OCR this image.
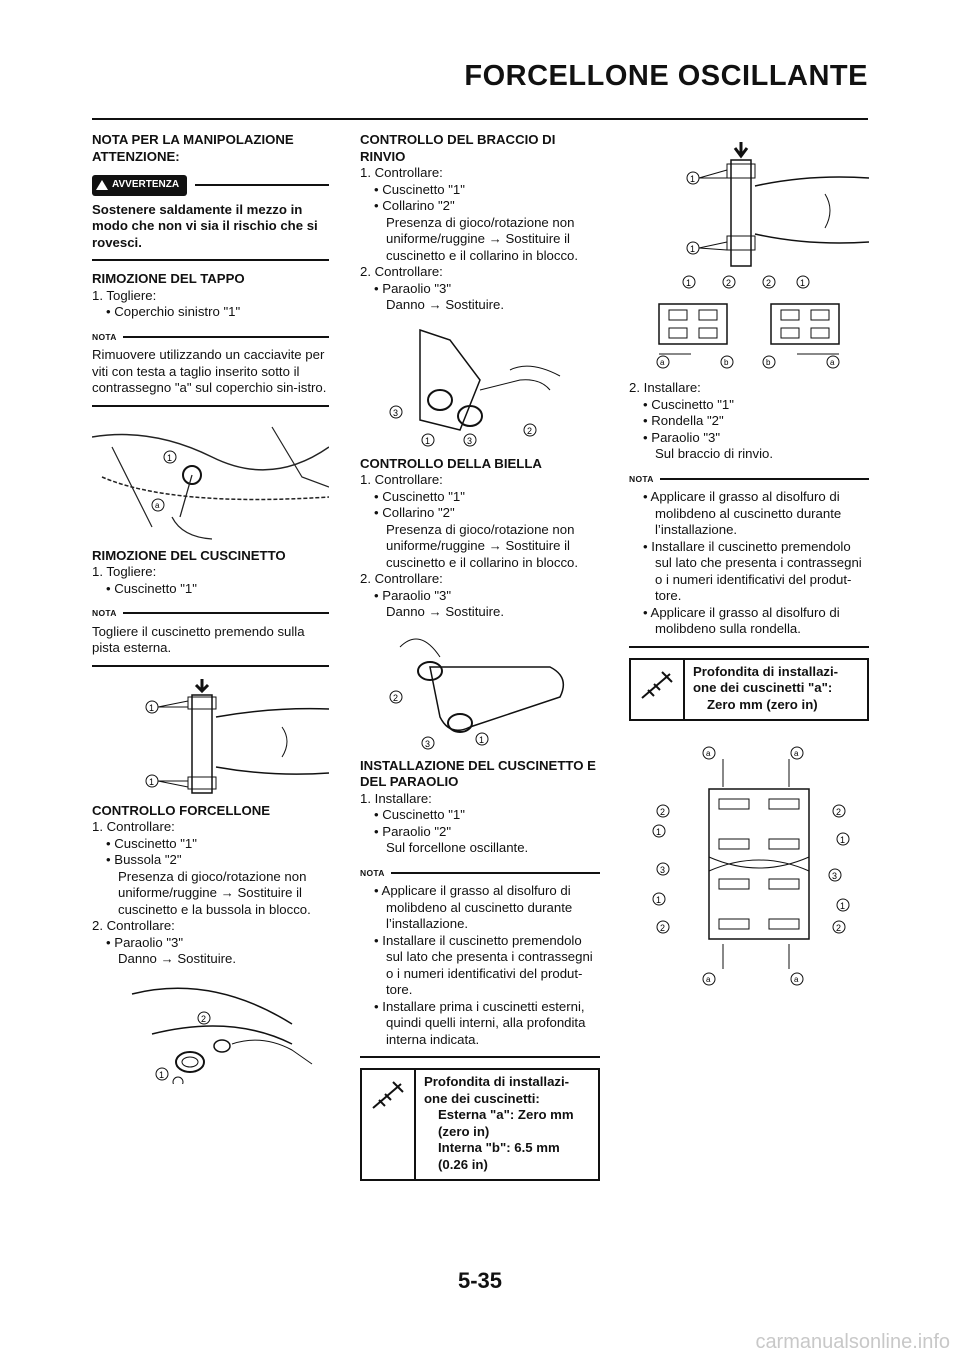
FORCELLONE OSCILLANTE
NOTA PER LA MANIPOLAZIONE
ATTENZIONE:
AVVERTENZA
Sostenere saldamente il mezzo in modo che non vi sia il rischio che si rovesci.
RIMOZIONE DEL TAPPO
1. Togliere:
• Coperchio sinistro "1"
NOTA
Rimuovere utilizzando un cacciavite per viti con testa a taglio inserito sotto il contrassegno "a" sul coperchio sin-istro.
1
a
RIMOZIONE DEL CUSCINETTO
1. Togliere:
• Cuscinetto "1"
NOTA
Togliere il cuscinetto premendo sulla pista esterna.
1
1
CONTROLLO FORCELLONE
1. Controllare:
• Cuscinetto "1"
• Bussola "2"
Presenza di gioco/rotazione non uniforme/ruggine → Sostituire il cuscinetto e la bussola in blocco.
2. Controllare:
• Paraolio "3"
Danno → Sostituire.
2
1
CONTROLLO DEL BRACCIO DI RINVIO
1. Controllare:
• Cuscinetto "1"
• Collarino "2"
Presenza di gioco/rotazione non uniforme/ruggine → Sostituire il cuscinetto e il collarino in blocco.
2. Controllare:
• Paraolio "3"
Danno → Sostituire.
3
1	3
2
CONTROLLO DELLA BIELLA
1. Controllare:
• Cuscinetto "1"
• Collarino "2"
Presenza di gioco/rotazione non uniforme/ruggine → Sostituire il cuscinetto e il collarino in blocco.
2. Controllare:
• Paraolio "3"
Danno → Sostituire.
2
3	1
INSTALLAZIONE DEL CUSCINETTO E DEL PARAOLIO
1. Installare:
• Cuscinetto "1"
• Paraolio "2"
Sul forcellone oscillante.
NOTA
• Applicare il grasso al disolfuro di molibdeno al cuscinetto durante l’installazione.
• Installare il cuscinetto premendolo sul lato che presenta i contrassegni o i numeri identificativi del produt-tore.
• Installare prima i cuscinetti esterni, quindi quelli interni, alla profondita interna indicata.
Profondita di installazi-
one dei cuscinetti:
Esterna "a": Zero mm
(zero in)
Interna "b": 6.5 mm
(0.26 in)
1
1
1	2	2	1
a	b	b	a
2. Installare:
• Cuscinetto "1"
• Rondella "2"
• Paraolio "3"
Sul braccio di rinvio.
NOTA
• Applicare il grasso al disolfuro di molibdeno al cuscinetto durante l’installazione.
• Installare il cuscinetto premendolo sul lato che presenta i contrassegni o i numeri identificativi del produt-tore.
• Applicare il grasso al disolfuro di molibdeno sulla rondella.
Profondita di installazi-
one dei cuscinetti "a":
Zero mm (zero in)
a	a
2	2
1
1
3
3
1
1
2	2
a	a
5-35
carmanualsonline.info
